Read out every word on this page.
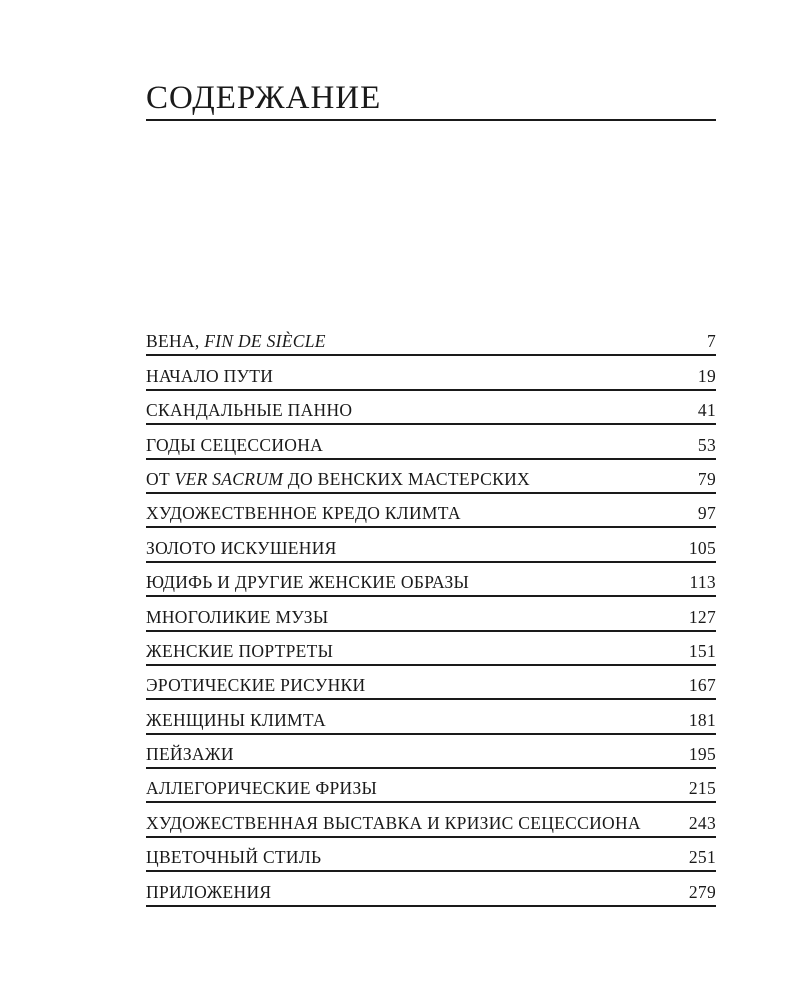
СОДЕРЖАНИЕ
ВЕНА, FIN DE SIÈCLE	7
НАЧАЛО ПУТИ	19
СКАНДАЛЬНЫЕ ПАННО	41
ГОДЫ СЕЦЕССИОНА	53
ОТ VER SACRUM ДО ВЕНСКИХ МАСТЕРСКИХ	79
ХУДОЖЕСТВЕННОЕ КРЕДО КЛИМТА	97
ЗОЛОТО ИСКУШЕНИЯ	105
ЮДИФЬ И ДРУГИЕ ЖЕНСКИЕ ОБРАЗЫ	113
МНОГОЛИКИЕ МУЗЫ	127
ЖЕНСКИЕ ПОРТРЕТЫ	151
ЭРОТИЧЕСКИЕ РИСУНКИ	167
ЖЕНЩИНЫ КЛИМТА	181
ПЕЙЗАЖИ	195
АЛЛЕГОРИЧЕСКИЕ ФРИЗЫ	215
ХУДОЖЕСТВЕННАЯ ВЫСТАВКА И КРИЗИС СЕЦЕССИОНА	243
ЦВЕТОЧНЫЙ СТИЛЬ	251
ПРИЛОЖЕНИЯ	279
